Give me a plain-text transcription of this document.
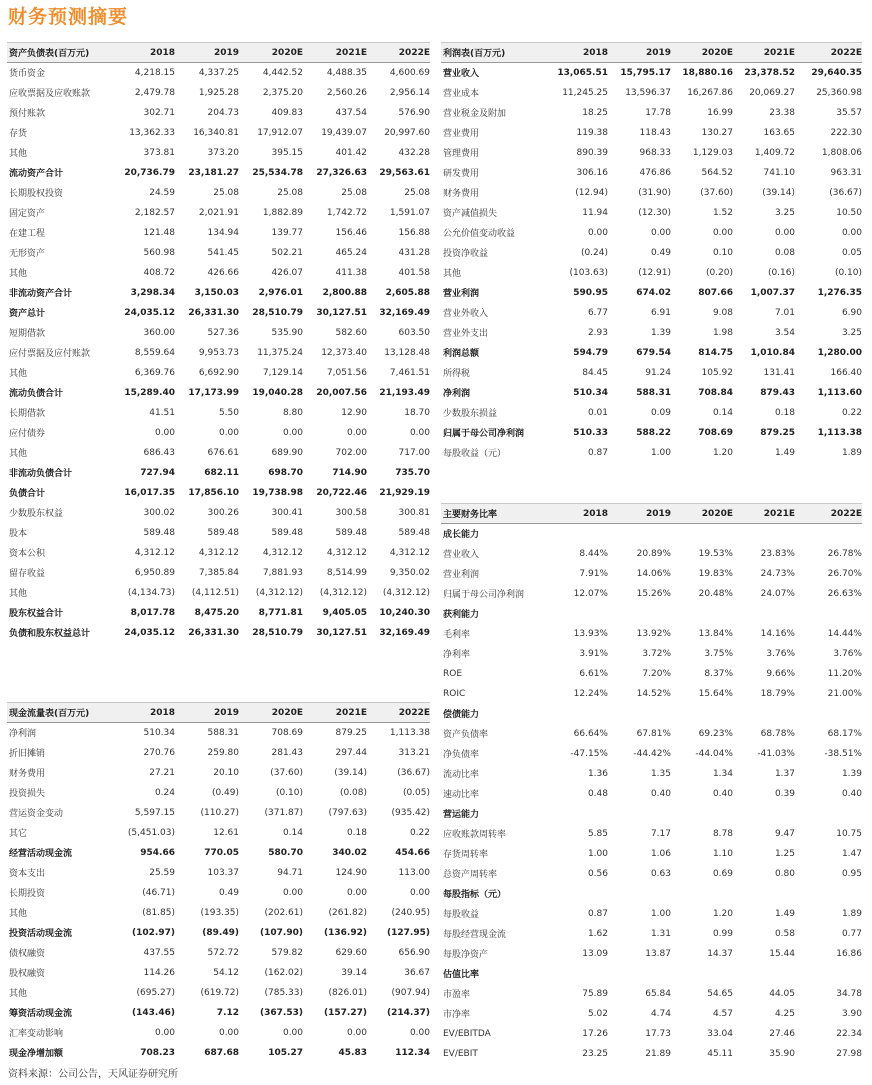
财务预测摘要
资产负债表(百万元)	2018	2019	2020E	2021E	2022E
货币资金	4,218.15	4,337.25	4,442.52	4,488.35	4,600.69
应收票据及应收账款	2,479.78	1,925.28	2,375.20	2,560.26	2,956.14
预付账款	302.71	204.73	409.83	437.54	576.90
存货	13,362.33	16,340.81	17,912.07	19,439.07	20,997.60
其他	373.81	373.20	395.15	401.42	432.28
流动资产合计	20,736.79	23,181.27	25,534.78	27,326.63	29,563.61
长期股权投资	24.59	25.08	25.08	25.08	25.08
固定资产	2,182.57	2,021.91	1,882.89	1,742.72	1,591.07
在建工程	121.48	134.94	139.77	156.46	156.88
无形资产	560.98	541.45	502.21	465.24	431.28
其他	408.72	426.66	426.07	411.38	401.58
非流动资产合计	3,298.34	3,150.03	2,976.01	2,800.88	2,605.88
资产总计	24,035.12	26,331.30	28,510.79	30,127.51	32,169.49
短期借款	360.00	527.36	535.90	582.60	603.50
应付票据及应付账款	8,559.64	9,953.73	11,375.24	12,373.40	13,128.48
其他	6,369.76	6,692.90	7,129.14	7,051.56	7,461.51
流动负债合计	15,289.40	17,173.99	19,040.28	20,007.56	21,193.49
长期借款	41.51	5.50	8.80	12.90	18.70
应付债券	0.00	0.00	0.00	0.00	0.00
其他	686.43	676.61	689.90	702.00	717.00
非流动负债合计	727.94	682.11	698.70	714.90	735.70
负债合计	16,017.35	17,856.10	19,738.98	20,722.46	21,929.19
少数股东权益	300.02	300.26	300.41	300.58	300.81
股本	589.48	589.48	589.48	589.48	589.48
资本公积	4,312.12	4,312.12	4,312.12	4,312.12	4,312.12
留存收益	6,950.89	7,385.84	7,881.93	8,514.99	9,350.02
其他	(4,134.73)	(4,112.51)	(4,312.12)	(4,312.12)	(4,312.12)
股东权益合计	8,017.78	8,475.20	8,771.81	9,405.05	10,240.30
负债和股东权益总计	24,035.12	26,331.30	28,510.79	30,127.51	32,169.49
利润表(百万元)	2018	2019	2020E	2021E	2022E
营业收入	13,065.51	15,795.17	18,880.16	23,378.52	29,640.35
营业成本	11,245.25	13,596.37	16,267.86	20,069.27	25,360.98
营业税金及附加	18.25	17.78	16.99	23.38	35.57
营业费用	119.38	118.43	130.27	163.65	222.30
管理费用	890.39	968.33	1,129.03	1,409.72	1,808.06
研发费用	306.16	476.86	564.52	741.10	963.31
财务费用	(12.94)	(31.90)	(37.60)	(39.14)	(36.67)
资产减值损失	11.94	(12.30)	1.52	3.25	10.50
公允价值变动收益	0.00	0.00	0.00	0.00	0.00
投资净收益	(0.24)	0.49	0.10	0.08	0.05
其他	(103.63)	(12.91)	(0.20)	(0.16)	(0.10)
营业利润	590.95	674.02	807.66	1,007.37	1,276.35
营业外收入	6.77	6.91	9.08	7.01	6.90
营业外支出	2.93	1.39	1.98	3.54	3.25
利润总额	594.79	679.54	814.75	1,010.84	1,280.00
所得税	84.45	91.24	105.92	131.41	166.40
净利润	510.34	588.31	708.84	879.43	1,113.60
少数股东损益	0.01	0.09	0.14	0.18	0.22
归属于母公司净利润	510.33	588.22	708.69	879.25	1,113.38
每股收益（元）	0.87	1.00	1.20	1.49	1.89
主要财务比率	2018	2019	2020E	2021E	2022E
成长能力					
营业收入	8.44%	20.89%	19.53%	23.83%	26.78%
营业利润	7.91%	14.06%	19.83%	24.73%	26.70%
归属于母公司净利润	12.07%	15.26%	20.48%	24.07%	26.63%
获利能力					
毛利率	13.93%	13.92%	13.84%	14.16%	14.44%
净利率	3.91%	3.72%	3.75%	3.76%	3.76%
ROE	6.61%	7.20%	8.37%	9.66%	11.20%
ROIC	12.24%	14.52%	15.64%	18.79%	21.00%
偿债能力					
资产负债率	66.64%	67.81%	69.23%	68.78%	68.17%
净负债率	-47.15%	-44.42%	-44.04%	-41.03%	-38.51%
流动比率	1.36	1.35	1.34	1.37	1.39
速动比率	0.48	0.40	0.40	0.39	0.40
营运能力					
应收账款周转率	5.85	7.17	8.78	9.47	10.75
存货周转率	1.00	1.06	1.10	1.25	1.47
总资产周转率	0.56	0.63	0.69	0.80	0.95
每股指标（元）					
每股收益	0.87	1.00	1.20	1.49	1.89
每股经营现金流	1.62	1.31	0.99	0.58	0.77
每股净资产	13.09	13.87	14.37	15.44	16.86
估值比率					
市盈率	75.89	65.84	54.65	44.05	34.78
市净率	5.02	4.74	4.57	4.25	3.90
EV/EBITDA	17.26	17.73	33.04	27.46	22.34
EV/EBIT	23.25	21.89	45.11	35.90	27.98
现金流量表(百万元)	2018	2019	2020E	2021E	2022E
净利润	510.34	588.31	708.69	879.25	1,113.38
折旧摊销	270.76	259.80	281.43	297.44	313.21
财务费用	27.21	20.10	(37.60)	(39.14)	(36.67)
投资损失	0.24	(0.49)	(0.10)	(0.08)	(0.05)
营运资金变动	5,597.15	(110.27)	(371.87)	(797.63)	(935.42)
其它	(5,451.03)	12.61	0.14	0.18	0.22
经营活动现金流	954.66	770.05	580.70	340.02	454.66
资本支出	25.59	103.37	94.71	124.90	113.00
长期投资	(46.71)	0.49	0.00	0.00	0.00
其他	(81.85)	(193.35)	(202.61)	(261.82)	(240.95)
投资活动现金流	(102.97)	(89.49)	(107.90)	(136.92)	(127.95)
债权融资	437.55	572.72	579.82	629.60	656.90
股权融资	114.26	54.12	(162.02)	39.14	36.67
其他	(695.27)	(619.72)	(785.33)	(826.01)	(907.94)
筹资活动现金流	(143.46)	7.12	(367.53)	(157.27)	(214.37)
汇率变动影响	0.00	0.00	0.00	0.00	0.00
现金净增加额	708.23	687.68	105.27	45.83	112.34
资料来源：公司公告，天风证券研究所
